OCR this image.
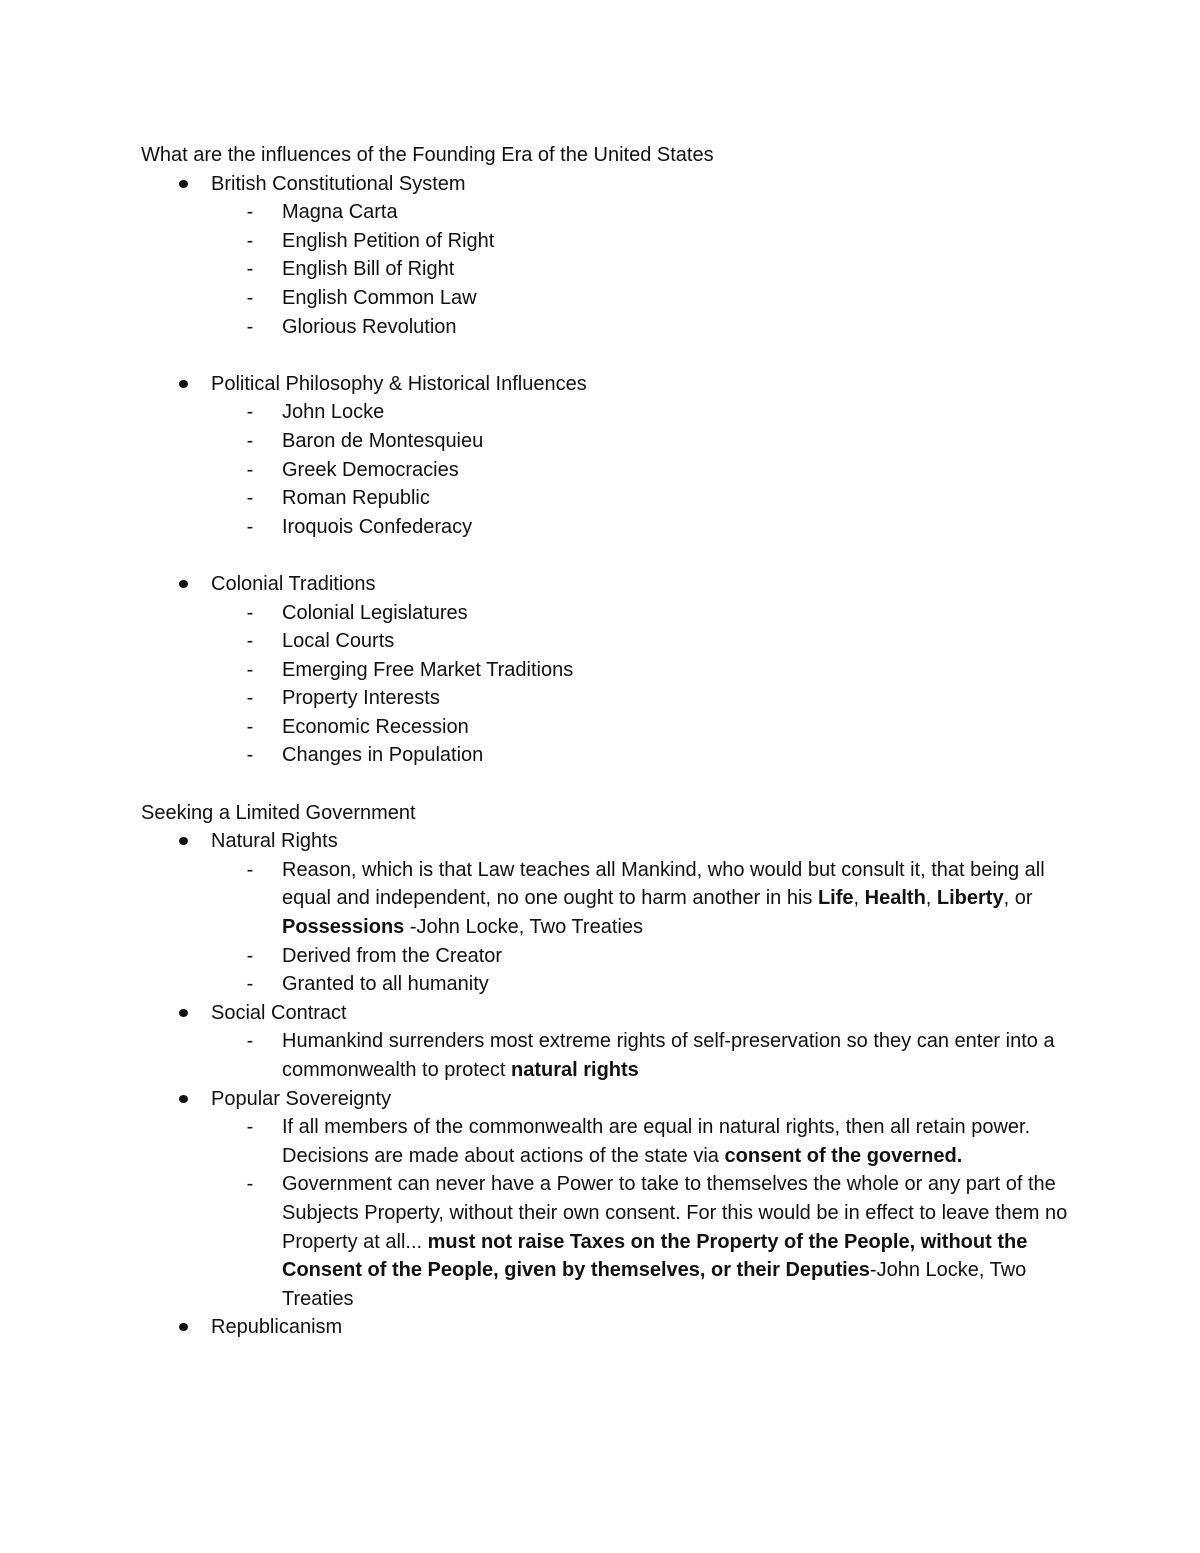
What are the influences of the Founding Era of the United States
British Constitutional System
- Magna Carta
- English Petition of Right
- English Bill of Right
- English Common Law
- Glorious Revolution
Political Philosophy & Historical Influences
- John Locke
- Baron de Montesquieu
- Greek Democracies
- Roman Republic
- Iroquois Confederacy
Colonial Traditions
- Colonial Legislatures
- Local Courts
- Emerging Free Market Traditions
- Property Interests
- Economic Recession
- Changes in Population
Seeking a Limited Government
Natural Rights
- Reason, which is that Law teaches all Mankind, who would but consult it, that being all equal and independent, no one ought to harm another in his Life, Health, Liberty, or Possessions -John Locke, Two Treaties
- Derived from the Creator
- Granted to all humanity
Social Contract
- Humankind surrenders most extreme rights of self-preservation so they can enter into a commonwealth to protect natural rights
Popular Sovereignty
- If all members of the commonwealth are equal in natural rights, then all retain power. Decisions are made about actions of the state via consent of the governed.
- Government can never have a Power to take to themselves the whole or any part of the Subjects Property, without their own consent. For this would be in effect to leave them no Property at all... must not raise Taxes on the Property of the People, without the Consent of the People, given by themselves, or their Deputies-John Locke, Two Treaties
Republicanism
